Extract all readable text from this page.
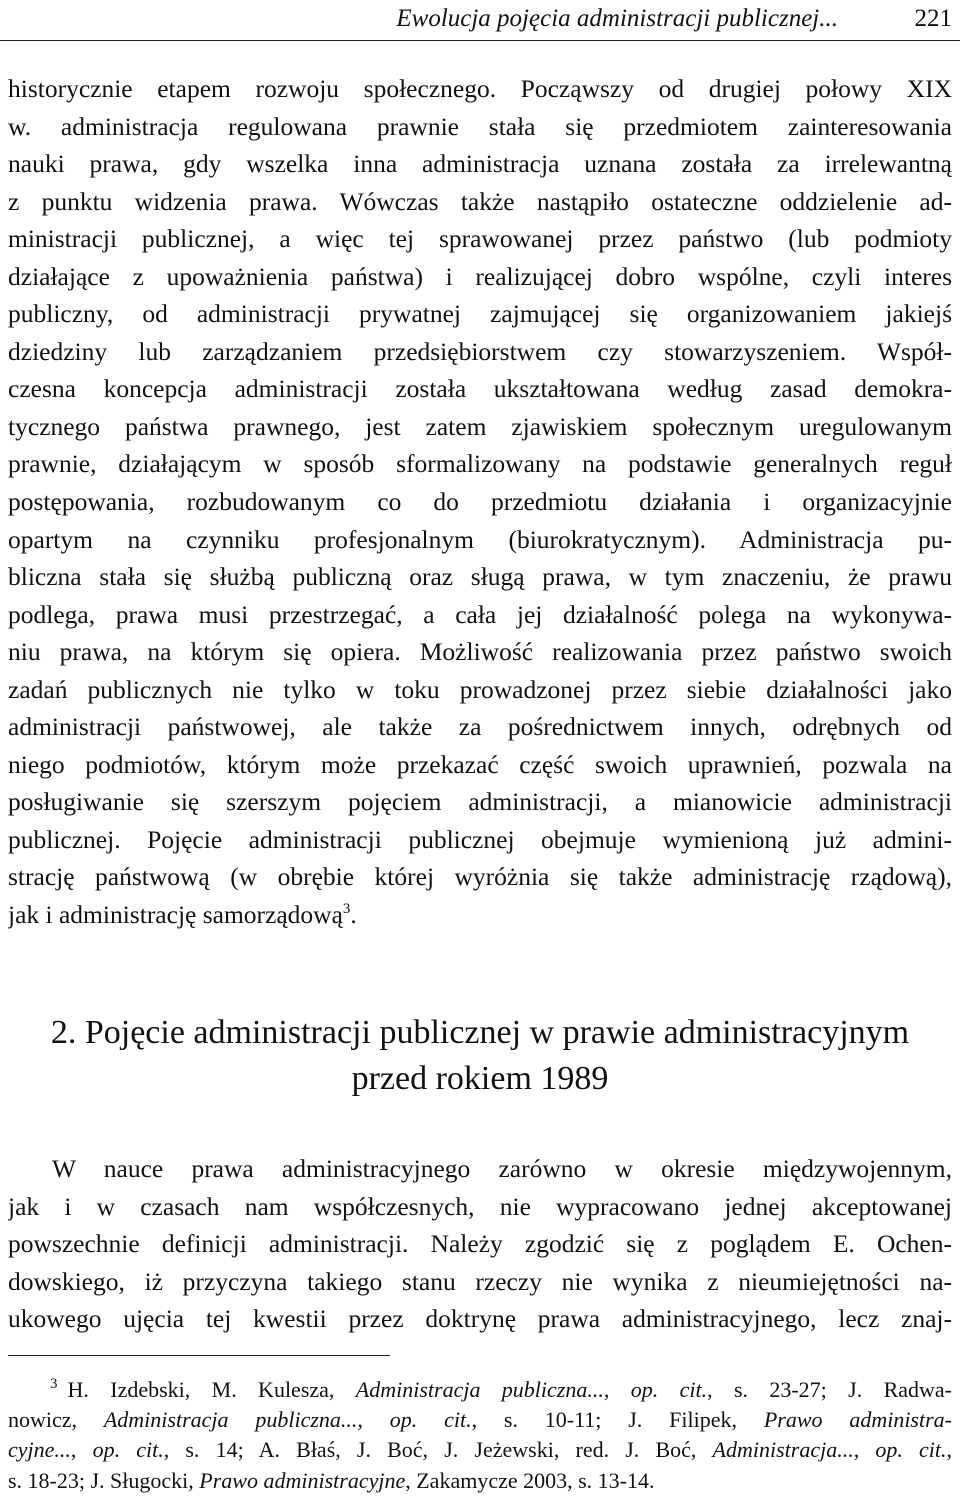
Ewolucja pojęcia administracji publicznej...	221
historycznie etapem rozwoju społecznego. Począwszy od drugiej połowy XIX
w. administracja regulowana prawnie stała się przedmiotem zainteresowania
nauki prawa, gdy wszelka inna administracja uznana została za irrelewantną
z punktu widzenia prawa. Wówczas także nastąpiło ostateczne oddzielenie ad-
ministracji publicznej, a więc tej sprawowanej przez państwo (lub podmioty
działające z upoważnienia państwa) i realizującej dobro wspólne, czyli interes
publiczny, od administracji prywatnej zajmującej się organizowaniem jakiejś
dziedziny lub zarządzaniem przedsiębiorstwem czy stowarzyszeniem. Współ-
czesna koncepcja administracji została ukształtowana według zasad demokra-
tycznego państwa prawnego, jest zatem zjawiskiem społecznym uregulowanym
prawnie, działającym w sposób sformalizowany na podstawie generalnych reguł
postępowania, rozbudowanym co do przedmiotu działania i organizacyjnie
opartym na czynniku profesjonalnym (biurokratycznym). Administracja pu-
bliczna stała się służbą publiczną oraz sługą prawa, w tym znaczeniu, że prawu
podlega, prawa musi przestrzegać, a cała jej działalność polega na wykonywa-
niu prawa, na którym się opiera. Możliwość realizowania przez państwo swoich
zadań publicznych nie tylko w toku prowadzonej przez siebie działalności jako
administracji państwowej, ale także za pośrednictwem innych, odrębnych od
niego podmiotów, którym może przekazać część swoich uprawnień, pozwala na
posługiwanie się szerszym pojęciem administracji, a mianowicie administracji
publicznej. Pojęcie administracji publicznej obejmuje wymienioną już admini-
strację państwową (w obrębie której wyróżnia się także administrację rządową),
jak i administrację samorządową$^3$.
2. Pojęcie administracji publicznej w prawie administracyjnym
przed rokiem 1989
W nauce prawa administracyjnego zarówno w okresie międzywojennym,
jak i w czasach nam współczesnych, nie wypracowano jednej akceptowanej
powszechnie definicji administracji. Należy zgodzić się z poglądem E. Ochen-
dowskiego, iż przyczyna takiego stanu rzeczy nie wynika z nieumiejętności na-
ukowego ujęcia tej kwestii przez doktrynę prawa administracyjnego, lecz znaj-
$^3$ H. Izdebski, M. Kulesza, Administracja publiczna..., op. cit., s. 23-27; J. Radwa-
nowicz, Administracja publiczna..., op. cit., s. 10-11; J. Filipek, Prawo administra-
cyjne..., op. cit., s. 14; A. Błaś, J. Boć, J. Jeżewski, red. J. Boć, Administracja..., op. cit.,
s. 18-23; J. Sługocki, Prawo administracyjne, Zakamycze 2003, s. 13-14.
